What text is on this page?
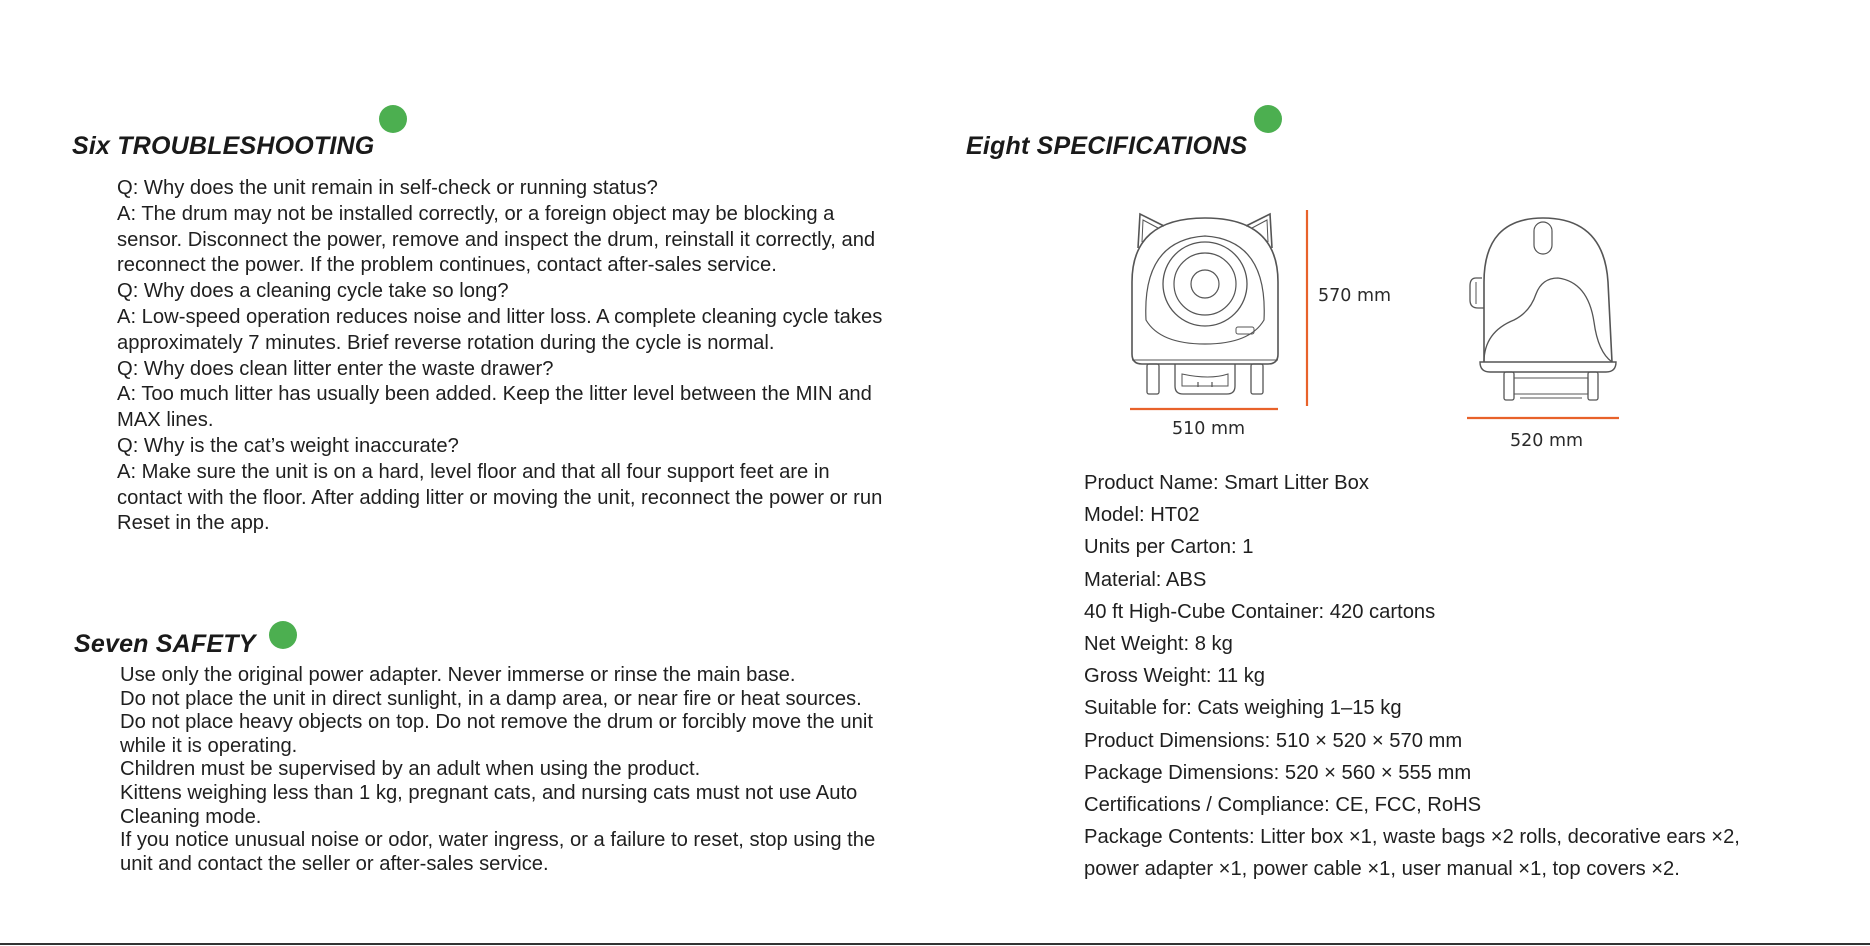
Six TROUBLESHOOTING

Q: Why does the unit remain in self-check or running status?

A: The drum may not be installed correctly, or a foreign object may be blocking a sensor. Disconnect the power, remove and inspect the drum, reinstall it correctly, and reconnect the power. If the problem continues, contact after-sales service.

Q: Why does a cleaning cycle take so long?

A: Low-speed operation reduces noise and litter loss. A complete cleaning cycle takes approximately 7 minutes. Brief reverse rotation during the cycle is normal.

Q: Why does clean litter enter the waste drawer?

A: Too much litter has usually been added. Keep the litter level between the MIN and MAX lines.

Q: Why is the cat’s weight inaccurate?

A: Make sure the unit is on a hard, level floor and that all four support feet are in contact with the floor. After adding litter or moving the unit, reconnect the power or run Reset in the app.

Seven SAFETY

Use only the original power adapter. Never immerse or rinse the main base.

Do not place the unit in direct sunlight, in a damp area, or near fire or heat sources.

Do not place heavy objects on top. Do not remove the drum or forcibly move the unit while it is operating.

Children must be supervised by an adult when using the product.

Kittens weighing less than 1 kg, pregnant cats, and nursing cats must not use Auto Cleaning mode.

If you notice unusual noise or odor, water ingress, or a failure to reset, stop using the unit and contact the seller or after-sales service.

Eight SPECIFICATIONS
570 mm
510 mm
520 mm
Product Name: Smart Litter Box
Model: HT02
Units per Carton: 1
Material: ABS
40 ft High-Cube Container: 420 cartons
Net Weight: 8 kg
Gross Weight: 11 kg
Suitable for: Cats weighing 1–15 kg
Product Dimensions: 510 × 520 × 570 mm
Package Dimensions: 520 × 560 × 555 mm
Certifications / Compliance: CE, FCC, RoHS
Package Contents: Litter box ×1, waste bags ×2 rolls, decorative ears ×2,
power adapter ×1, power cable ×1, user manual ×1, top covers ×2.
